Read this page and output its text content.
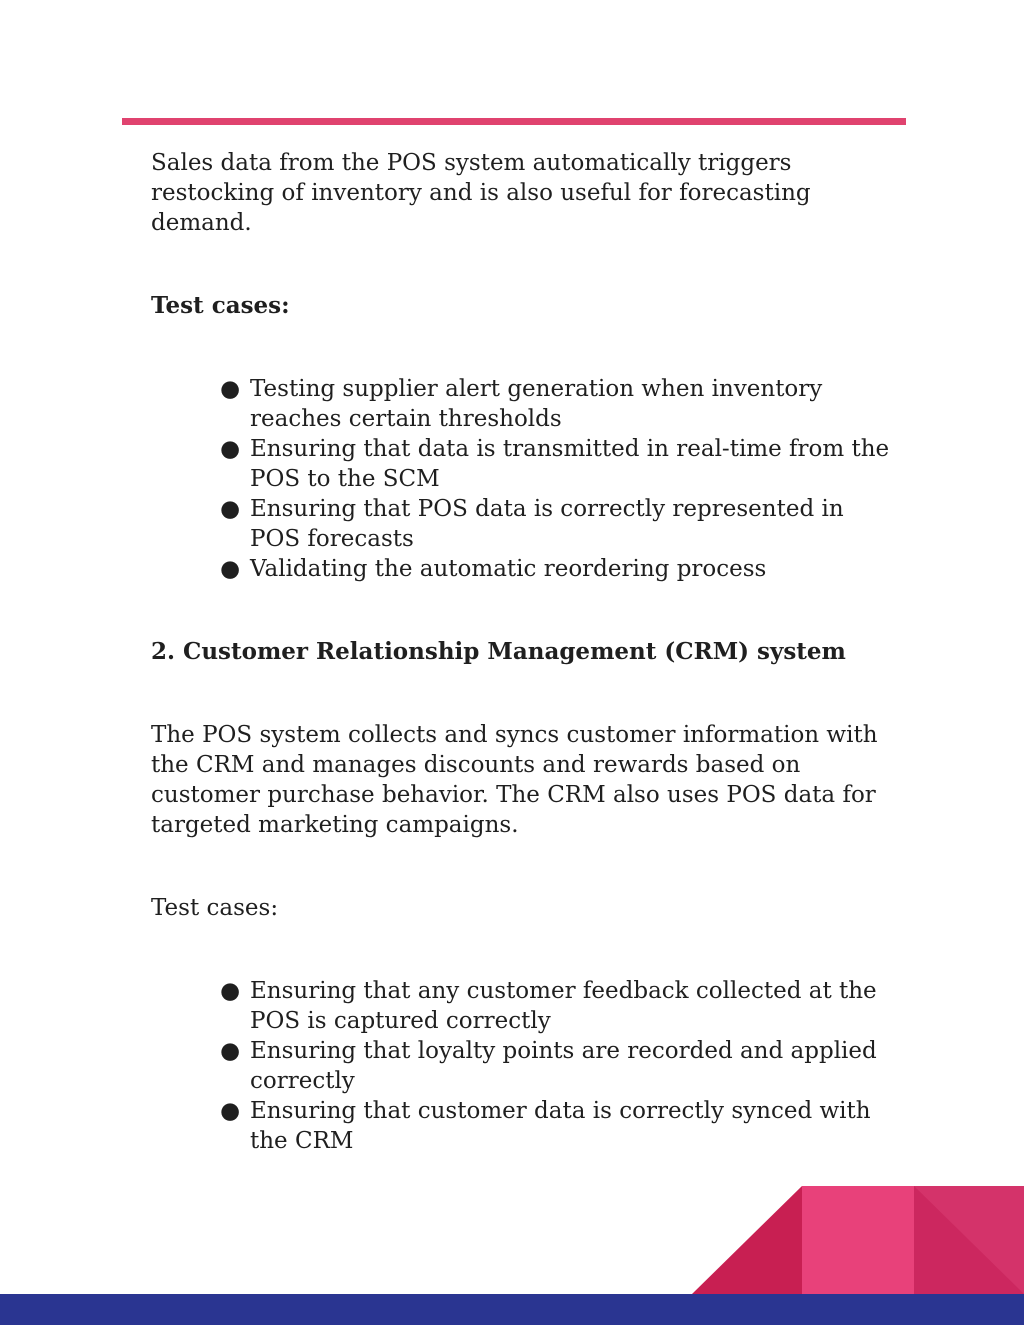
Sales data from the POS system automatically triggers restocking of inventory and is also useful for forecasting demand.

Test cases:

● Testing supplier alert generation when inventory reaches certain thresholds
● Ensuring that data is transmitted in real-time from the POS to the SCM
● Ensuring that POS data is correctly represented in POS forecasts
● Validating the automatic reordering process
2. Customer Relationship Management (CRM) system

The POS system collects and syncs customer information with the CRM and manages discounts and rewards based on customer purchase behavior. The CRM also uses POS data for targeted marketing campaigns.

Test cases:

● Ensuring that any customer feedback collected at the POS is captured correctly
● Ensuring that loyalty points are recorded and applied correctly
● Ensuring that customer data is correctly synced with the CRM
